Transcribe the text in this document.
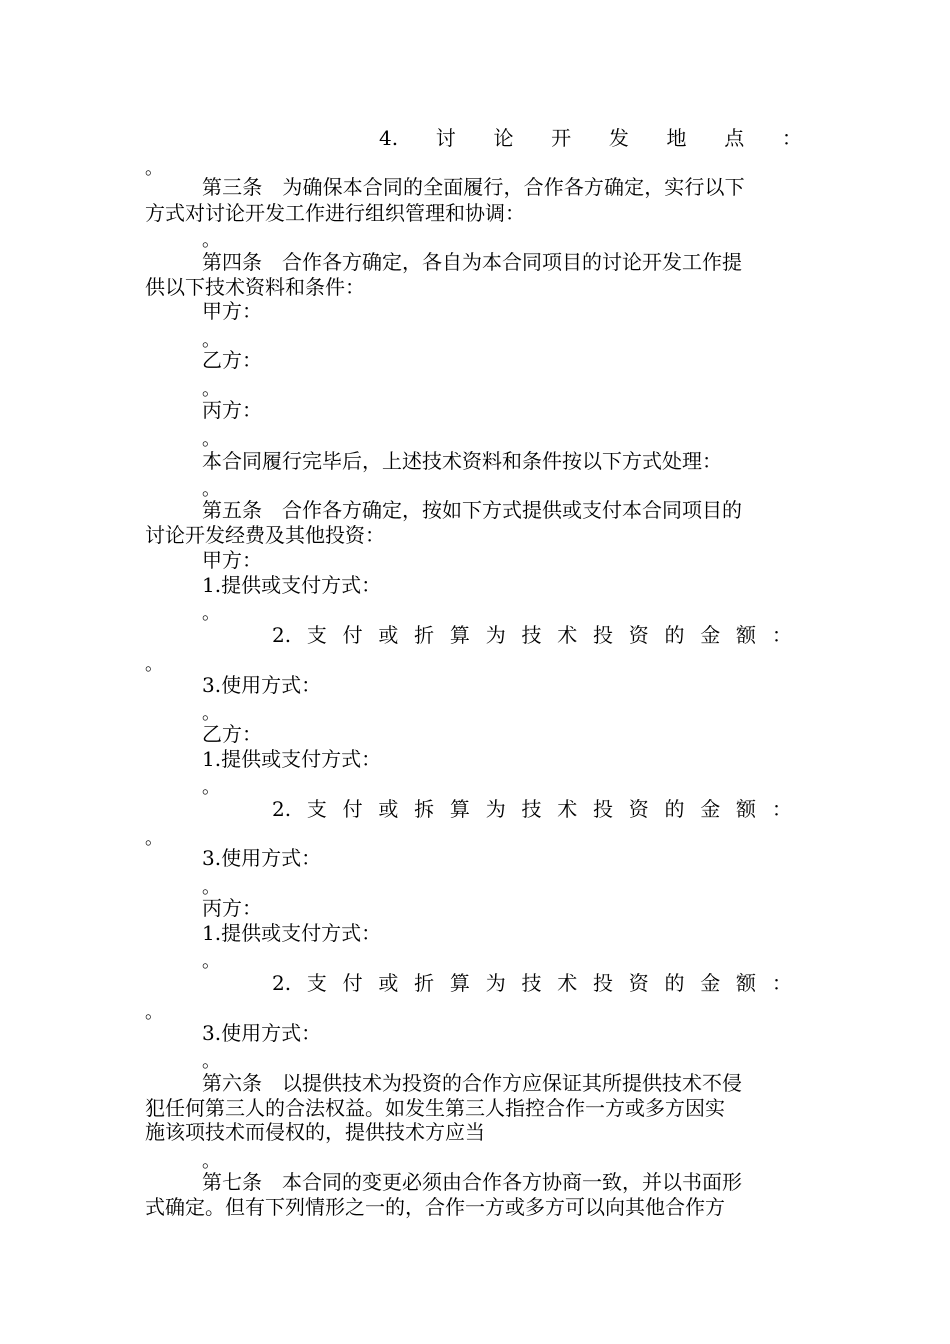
4. 讨 论 开 发 地 点 ：
。

第三条　为确保本合同的全面履行，合作各方确定，实行以下

方式对讨论开发工作进行组织管理和协调：

。

第四条　合作各方确定，各自为本合同项目的讨论开发工作提

供以下技术资料和条件：

甲方：

。

乙方：

。

丙方：

。

本合同履行完毕后，上述技术资料和条件按以下方式处理：

。

第五条　合作各方确定，按如下方式提供或支付本合同项目的

讨论开发经费及其他投资：

甲方：

1.提供或支付方式：

。
2. 支 付 或 折 算 为 技 术 投 资 的 金 额 ：
。

3.使用方式：

。

乙方：

1.提供或支付方式：

。
2. 支 付 或 拆 算 为 技 术 投 资 的 金 额 ：
。

3.使用方式：

。

丙方：

1.提供或支付方式：

。
2. 支 付 或 折 算 为 技 术 投 资 的 金 额 ：
。

3.使用方式：

。

第六条　以提供技术为投资的合作方应保证其所提供技术不侵

犯任何第三人的合法权益。如发生第三人指控合作一方或多方因实

施该项技术而侵权的，提供技术方应当

。

第七条　本合同的变更必须由合作各方协商一致，并以书面形

式确定。但有下列情形之一的，合作一方或多方可以向其他合作方
